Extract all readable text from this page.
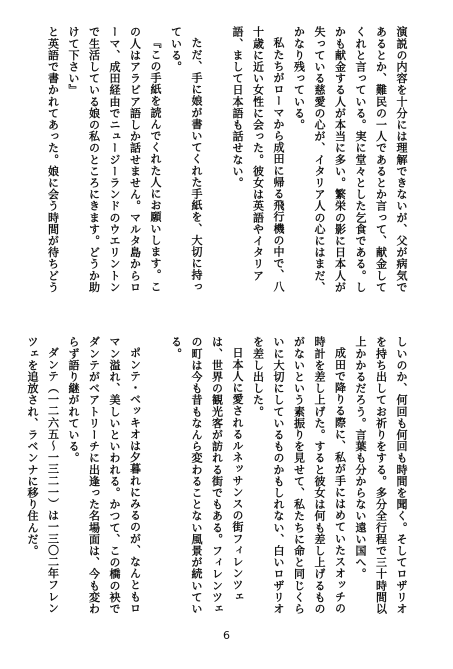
演説の内容を十分には理解できないが、父が病気であるとか、難民の一人であるとか言って、献金してくれと言っている。実に堂々とした乞食である。しかも献金する人が本当に多い。繁栄の影に日本人が失っている慈愛の心が、イタリア人の心にはまだ、かなり残っている。

私たちがローマから成田に帰る飛行機の中で、八十歳に近い女性に会った。彼女は英語やイタリア語、まして日本語も話せない。

ただ、手に娘が書いてくれた手紙を、大切に持っている。

『この手紙を読んでくれた人にお願いします。この人はアラビア語しか話せません。マルタ島からローマ、成田経由でニュージーランドのウエリントンで生活している娘の私のところにきます。どうか助けて下さい』

と英語で書かれてあった。娘に会う時間が待ちどう

しいのか、何回も何回も時間を聞く。そしてロザリオを持ち出してお祈りをする。多分全行程で三十時間以上かかるだろう。言葉も分からない遠い国へ。

成田で降りる際に、私が手にはめていたスオッチの時計を差し上げた。すると彼女は何も差し上げるものがないという素振りを見せて、私たちに命と同じくらいに大切にしているものかもしれない、白いロザリオを差し出した。

日本人に愛されるルネッサンスの街フィレンツェは、世界の観光客が訪れる街でもある。フィレンツェの町は今も昔もなんら変わることない風景が続いている。

ポンテ・ベッキオは夕暮れにみるのが、なんともロマン溢れ、美しいといわれる。かつて、この橋の袂でダンテがベアトリーチに出逢った名場面は、今も変わらず語り継がれている。

ダンテ（一二六五～一三二一）は一三〇二年フレンツェを追放され、ラベンナに移り住んだ。

6
